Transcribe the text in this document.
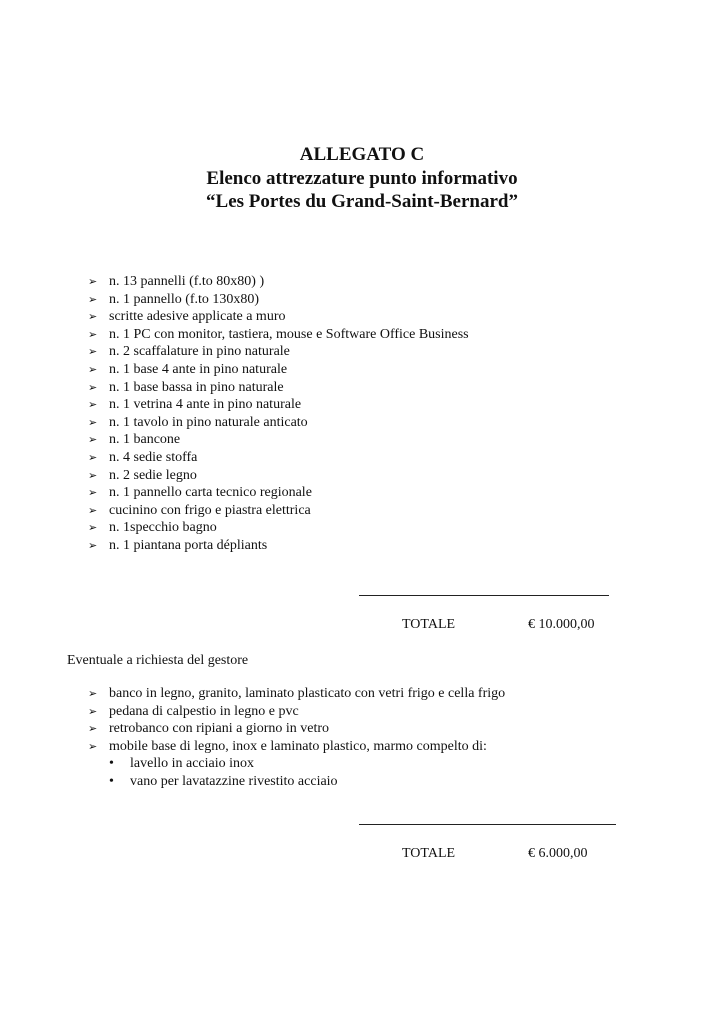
ALLEGATO C
Elenco attrezzature punto informativo
“Les Portes du Grand-Saint-Bernard”
➢ n. 13 pannelli (f.to 80x80) )
➢ n. 1 pannello (f.to 130x80)
➢ scritte adesive applicate a muro
➢ n. 1 PC con monitor, tastiera, mouse e Software Office Business
➢ n. 2 scaffalature in pino naturale
➢ n. 1 base 4 ante in pino naturale
➢ n. 1 base bassa in pino naturale
➢ n. 1 vetrina 4 ante in pino naturale
➢ n. 1 tavolo in pino naturale anticato
➢ n. 1 bancone
➢ n. 4 sedie stoffa
➢ n. 2 sedie legno
➢ n. 1 pannello carta tecnico regionale
➢ cucinino con frigo e piastra elettrica
➢ n. 1specchio bagno
➢ n. 1 piantana porta dépliants
TOTALE	€ 10.000,00
Eventuale a richiesta del gestore
➢ banco in legno, granito, laminato plasticato con vetri frigo e cella frigo
➢ pedana di calpestio in legno e pvc
➢ retrobanco con ripiani a giorno in vetro
➢ mobile base di legno, inox e laminato plastico, marmo compelto di:
• lavello in acciaio inox
• vano per lavatazzine rivestito acciaio
TOTALE	€ 6.000,00
